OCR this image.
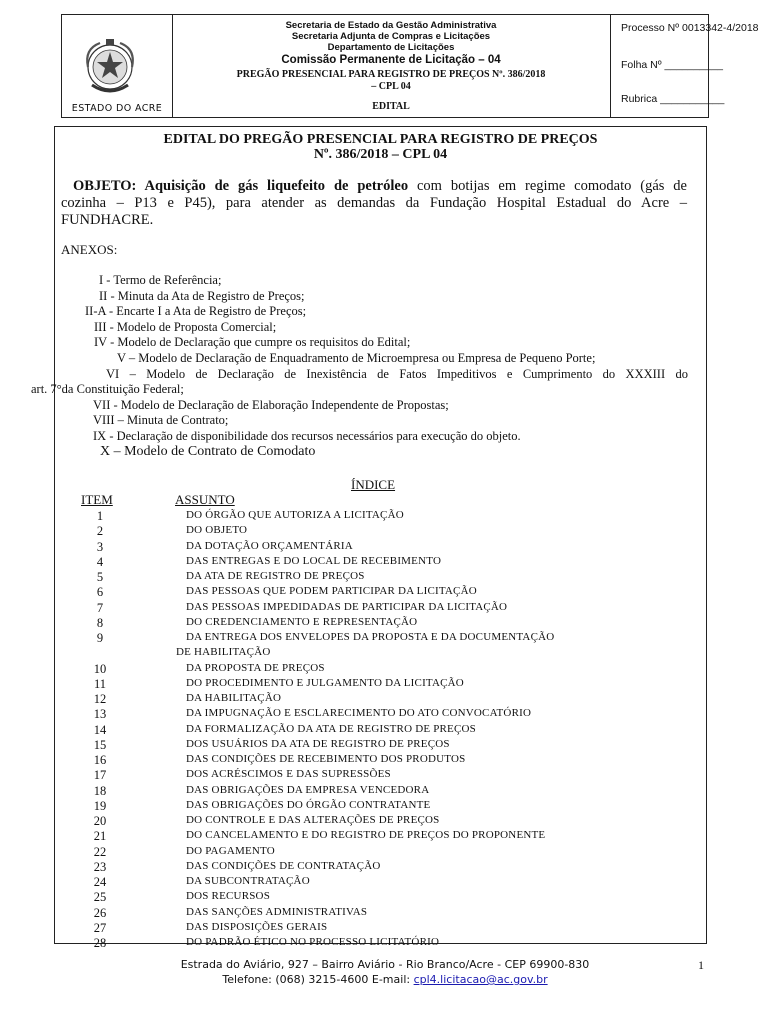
ESTADO DO ACRE
Secretaria de Estado da Gestão Administrativa
Secretaria Adjunta de Compras e Licitações
Departamento de Licitações
Comissão Permanente de Licitação – 04
PREGÃO PRESENCIAL PARA REGISTRO DE PREÇOS Nº. 386/2018
– CPL 04
EDITAL
Processo Nº 0013342-4/2018
Folha Nº __________
Rubrica ___________
EDITAL DO PREGÃO PRESENCIAL PARA REGISTRO DE PREÇOS
Nº. 386/2018 – CPL 04
OBJETO: Aquisição de gás liquefeito de petróleo com botijas em regime comodato (gás de
cozinha – P13 e P45), para atender as demandas da Fundação Hospital Estadual do Acre –
FUNDHACRE.
ANEXOS:
I - Termo de Referência;
II - Minuta da Ata de Registro de Preços;
II-A - Encarte I a Ata de Registro de Preços;
III - Modelo de Proposta Comercial;
IV - Modelo de Declaração que cumpre os requisitos do Edital;
V – Modelo de Declaração de Enquadramento de Microempresa ou Empresa de Pequeno Porte;
VI – Modelo de Declaração de Inexistência de Fatos Impeditivos e Cumprimento do XXXIII do
art. 7°da Constituição Federal;
VII - Modelo de Declaração de Elaboração Independente de Propostas;
VIII – Minuta de Contrato;
IX - Declaração de disponibilidade dos recursos necessários para execução do objeto.
X – Modelo de Contrato de Comodato
ÍNDICE
ITEM	ASSUNTO
1	DO ÓRGÃO QUE AUTORIZA A LICITAÇÃO
2	DO OBJETO
3	DA DOTAÇÃO ORÇAMENTÁRIA
4	DAS ENTREGAS E DO LOCAL DE RECEBIMENTO
5	DA ATA DE REGISTRO DE PREÇOS
6	DAS PESSOAS QUE PODEM PARTICIPAR DA LICITAÇÃO
7	DAS PESSOAS IMPEDIDADAS DE PARTICIPAR DA LICITAÇÃO
8	DO CREDENCIAMENTO E REPRESENTAÇÃO
9	DA ENTREGA DOS ENVELOPES DA PROPOSTA E DA DOCUMENTAÇÃO
DE HABILITAÇÃO
10	DA PROPOSTA DE PREÇOS
11	DO PROCEDIMENTO E JULGAMENTO DA LICITAÇÃO
12	DA HABILITAÇÃO
13	DA IMPUGNAÇÃO E ESCLARECIMENTO DO ATO CONVOCATÓRIO
14	DA FORMALIZAÇÃO DA ATA DE REGISTRO DE PREÇOS
15	DOS USUÁRIOS DA ATA DE REGISTRO DE PREÇOS
16	DAS CONDIÇÕES DE RECEBIMENTO DOS PRODUTOS
17	DOS ACRÉSCIMOS E DAS SUPRESSÕES
18	DAS OBRIGAÇÕES DA EMPRESA VENCEDORA
19	DAS OBRIGAÇÕES DO ÓRGÃO CONTRATANTE
20	DO CONTROLE E DAS ALTERAÇÕES DE PREÇOS
21	DO CANCELAMENTO E DO REGISTRO DE PREÇOS DO PROPONENTE
22	DO PAGAMENTO
23	DAS CONDIÇÕES DE CONTRATAÇÃO
24	DA SUBCONTRATAÇÃO
25	DOS RECURSOS
26	DAS SANÇÕES ADMINISTRATIVAS
27	DAS DISPOSIÇÕES GERAIS
28	DO PADRÃO ÉTICO NO PROCESSO LICITATÓRIO
Estrada do Aviário, 927 – Bairro Aviário - Rio Branco/Acre - CEP 69900-830
Telefone: (068) 3215-4600 E-mail: cpl4.licitacao@ac.gov.br
1
